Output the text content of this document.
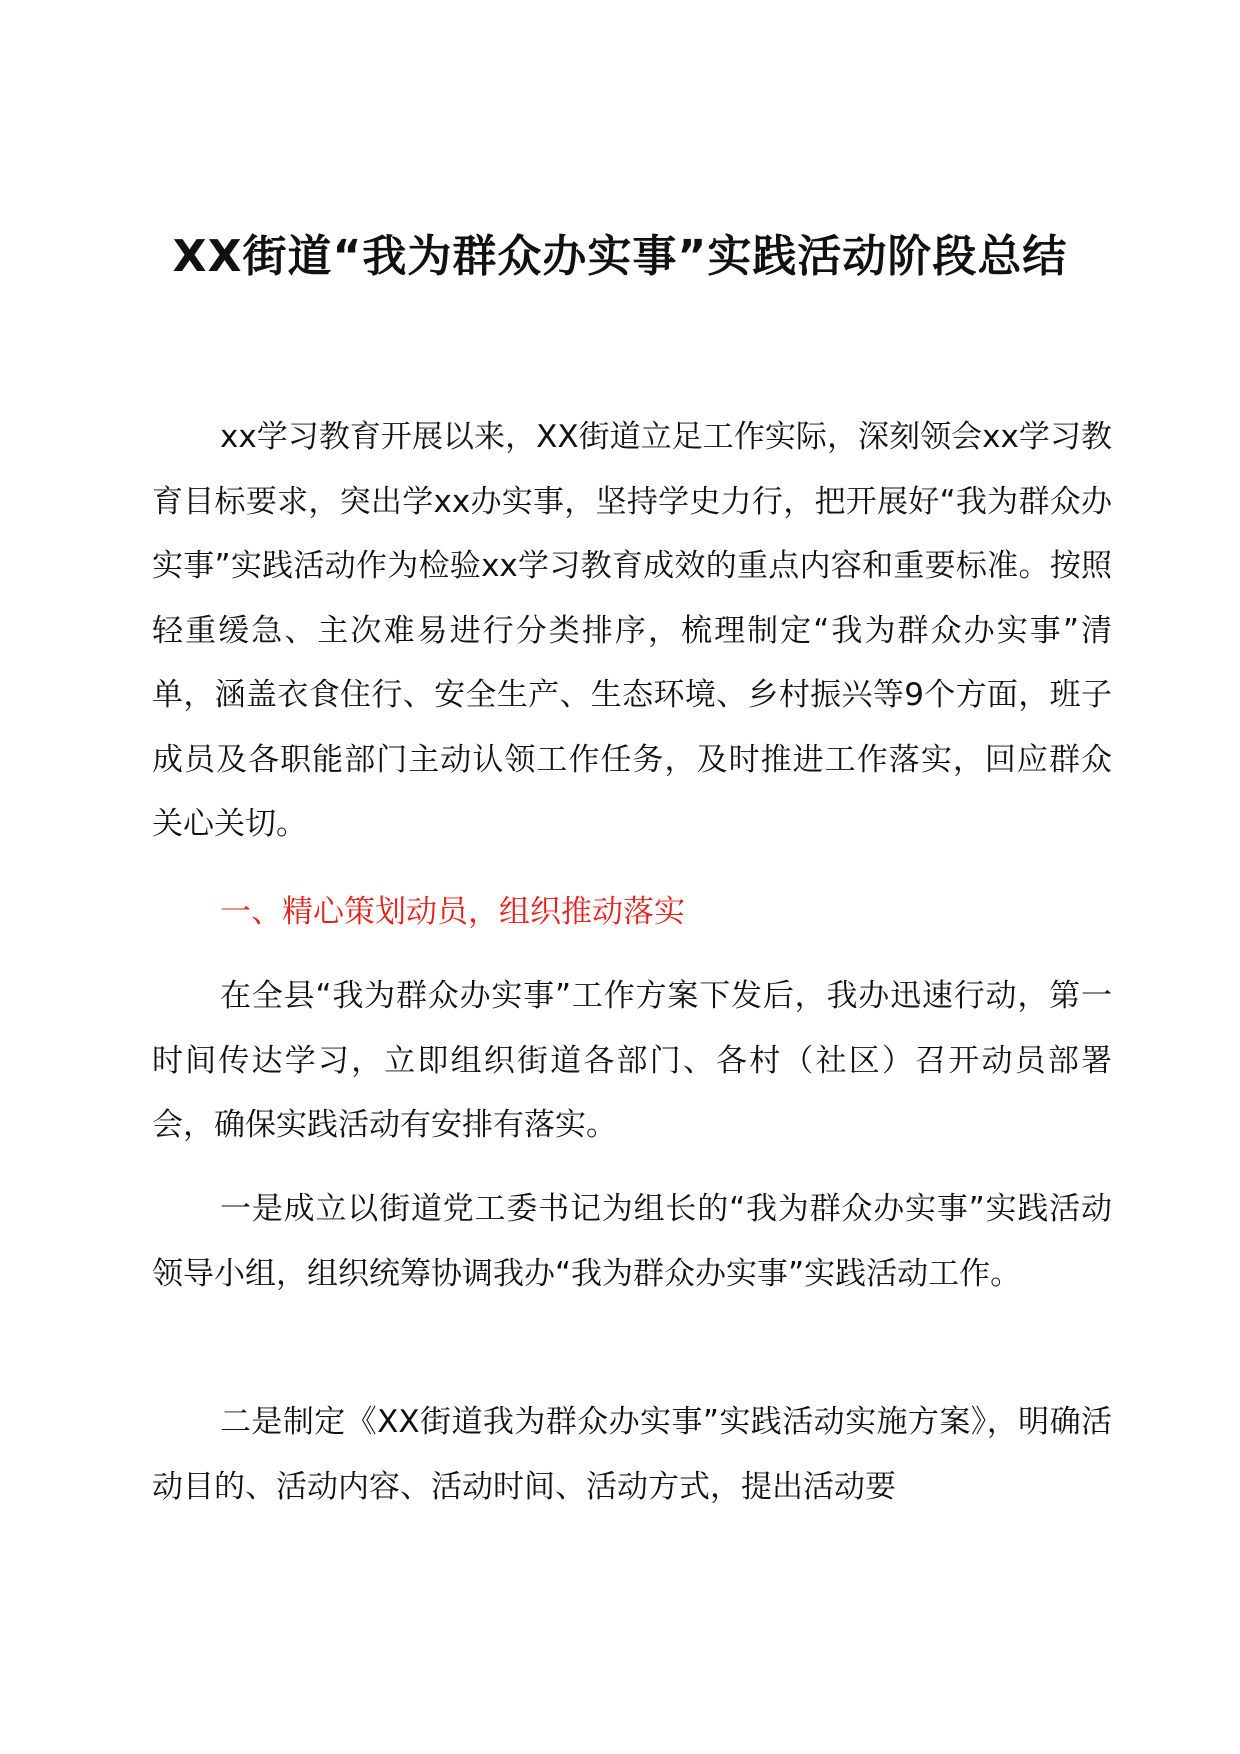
XX街道“我为群众办实事”实践活动阶段总结

xx学习教育开展以来，XX街道立足工作实际，深刻领会xx学习教育目标要求，突出学xx办实事，坚持学史力行，把开展好“我为群众办实事”实践活动作为检验xx学习教育成效的重点内容和重要标准。按照轻重缓急、主次难易进行分类排序，梳理制定“我为群众办实事”清单，涵盖衣食住行、安全生产、生态环境、乡村振兴等9个方面，班子成员及各职能部门主动认领工作任务，及时推进工作落实，回应群众关心关切。

一、精心策划动员，组织推动落实

在全县“我为群众办实事”工作方案下发后，我办迅速行动，第一时间传达学习，立即组织街道各部门、各村（社区）召开动员部署会，确保实践活动有安排有落实。

一是成立以街道党工委书记为组长的“我为群众办实事”实践活动领导小组，组织统筹协调我办“我为群众办实事”实践活动工作。

二是制定《XX街道我为群众办实事”实践活动实施方案》，明确活动目的、活动内容、活动时间、活动方式，提出活动要
